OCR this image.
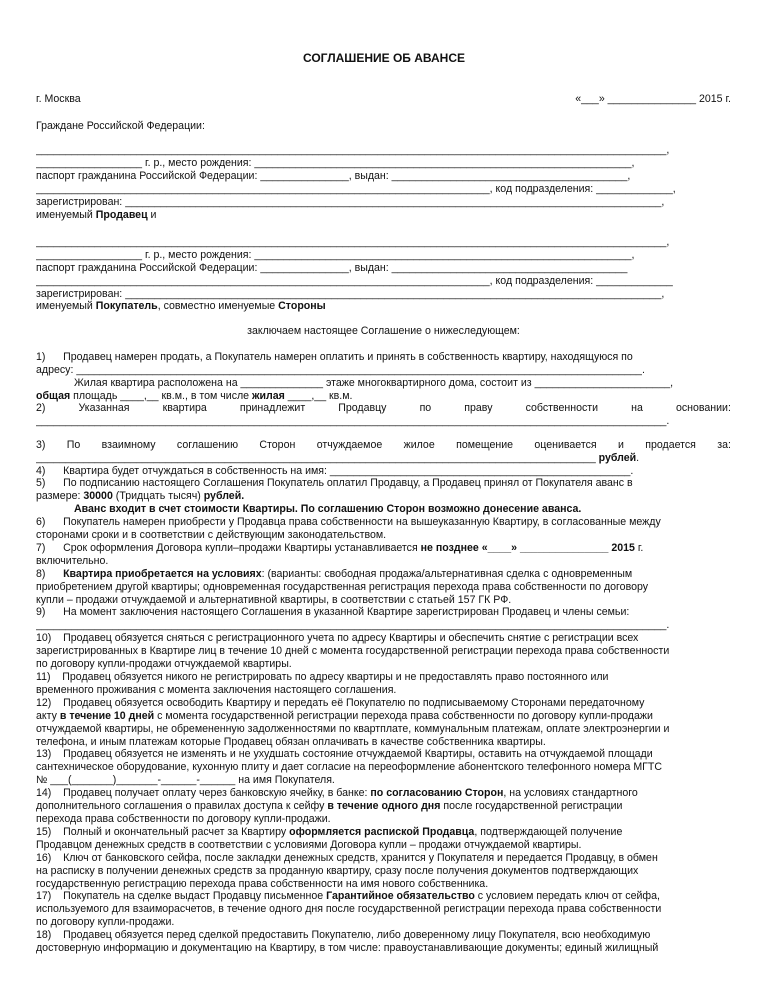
СОГЛАШЕНИЕ ОБ АВАНСЕ
г. Москва	«___» _______________ 2015 г.
Граждане Российской Федерации:
___________________________________________________________________________________________________________,
__________________ г. р., место рождения: ________________________________________________________________,
паспорт гражданина Российской Федерации: _______________, выдан: ________________________________________,
_____________________________________________________________________________, код подразделения: _____________,
зарегистрирован: ___________________________________________________________________________________________,
именуемый Продавец и
___________________________________________________________________________________________________________,
__________________ г. р., место рождения: ________________________________________________________________,
паспорт гражданина Российской Федерации: _______________, выдан: ________________________________________
_____________________________________________________________________________, код подразделения: _____________
зарегистрирован: ___________________________________________________________________________________________,
именуемый Покупатель, совместно именуемые Стороны
заключаем настоящее Соглашение о нижеследующем:
1)      Продавец намерен продать, а Покупатель намерен оплатить и принять в собственность квартиру, находящуюся по
адресу: ________________________________________________________________________________________________.
Жилая квартира расположена на ______________ этаже многоквартирного дома, состоит из _______________________,
общая площадь ____,__ кв.м., в том числе жилая ____,__ кв.м.
2)	Указанная	квартира	принадлежит	Продавцу	по	праву	собственности	на	основании:
___________________________________________________________________________________________________________.
3) По взаимному соглашению Сторон отчуждаемое жилое помещение оценивается и продается за:
_______________________________________________________________________________________________ рублей.
4)      Квартира будет отчуждаться в собственность на имя: ___________________________________________________.
5)      По подписанию настоящего Соглашения Покупатель оплатил Продавцу, а Продавец принял от Покупателя аванс в
размере: 30000 (Тридцать тысяч) рублей.
Аванс входит в счет стоимости Квартиры. По соглашению Сторон возможно донесение аванса.
6)      Покупатель намерен приобрести у Продавца права собственности на вышеуказанную Квартиру, в согласованные между
сторонами сроки и в соответствии с действующим законодательством.
7)      Срок оформления Договора купли–продажи Квартиры устанавливается не позднее «____» _______________ 2015 г.
включительно.
8)      Квартира приобретается на условиях: (варианты: свободная продажа/альтернативная сделка с одновременным
приобретением другой квартиры; одновременная государственная регистрация перехода права собственности по договору
купли – продажи отчуждаемой и альтернативной квартиры, в соответствии с статьей 157 ГК РФ.
9)      На момент заключения настоящего Соглашения в указанной Квартире зарегистрирован Продавец и члены семьи:
___________________________________________________________________________________________________________.
10)    Продавец обязуется сняться с регистрационного учета по адресу Квартиры и обеспечить снятие с регистрации всех
зарегистрированных в Квартире лиц в течение 10 дней с момента государственной регистрации перехода права собственности
по договору купли-продажи отчуждаемой квартиры.
11)    Продавец обязуется никого не регистрировать по адресу квартиры и не предоставлять право постоянного или
временного проживания с момента заключения настоящего соглашения.
12)    Продавец обязуется освободить Квартиру и передать её Покупателю по подписываемому Сторонами передаточному
акту в течение 10 дней с момента государственной регистрации перехода права собственности по договору купли-продажи
отчуждаемой квартиры, не обремененную задолженностями по квартплате, коммунальным платежам, оплате электроэнергии и
телефона, и иным платежам которые Продавец обязан оплачивать в качестве собственника квартиры.
13)    Продавец обязуется не изменять и не ухудшать состояние отчуждаемой Квартиры, оставить на отчуждаемой площади
сантехническое оборудование, кухонную плиту и дает согласие на переоформление абонентского телефонного номера МГТС
№ ___(_______)_______-______-______ на имя Покупателя.
14)    Продавец получает оплату через банковскую ячейку, в банке: по согласованию Сторон, на условиях стандартного
дополнительного соглашения о правилах доступа к сейфу в течение одного дня после государственной регистрации
перехода права собственности по договору купли-продажи.
15)    Полный и окончательный расчет за Квартиру оформляется распиской Продавца, подтверждающей получение
Продавцом денежных средств в соответствии с условиями Договора купли – продажи отчуждаемой квартиры.
16)    Ключ от банковского сейфа, после закладки денежных средств, хранится у Покупателя и передается Продавцу, в обмен
на расписку в получении денежных средств за проданную квартиру, сразу после получения документов подтверждающих
государственную регистрацию перехода права собственности на имя нового собственника.
17)    Покупатель на сделке выдаст Продавцу письменное Гарантийное обязательство с условием передать ключ от сейфа,
используемого для взаиморасчетов, в течение одного дня после государственной регистрации перехода права собственности
по договору купли-продажи.
18)    Продавец обязуется перед сделкой предоставить Покупателю, либо доверенному лицу Покупателя, всю необходимую
достоверную информацию и документацию на Квартиру, в том числе: правоустанавливающие документы; единый жилищный
